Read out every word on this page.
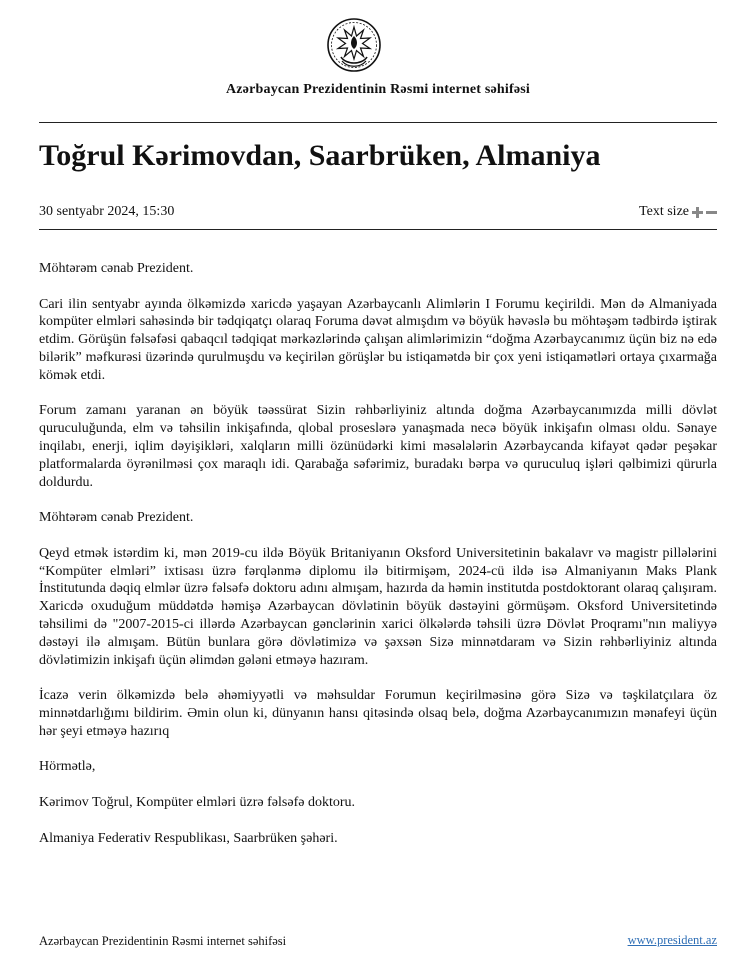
Azərbaycan Prezidentinin Rəsmi internet səhifəsi
Toğrul Kərimovdan, Saarbrüken, Almaniya
30 sentyabr 2024, 15:30	Text size

Möhtərəm cənab Prezident.

Cari ilin sentyabr ayında ölkəmizdə xaricdə yaşayan Azərbaycanlı Alimlərin I Forumu keçirildi. Mən də Almaniyada kompüter elmləri sahəsində bir tədqiqatçı olaraq Foruma dəvət almışdım və böyük həvəslə bu möhtəşəm tədbirdə iştirak etdim. Görüşün fəlsəfəsi qabaqcıl tədqiqat mərkəzlərində çalışan alimlərimizin “doğma Azərbaycanımız üçün biz nə edə bilərik” məfkurəsi üzərində qurulmuşdu və keçirilən görüşlər bu istiqamətdə bir çox yeni istiqamətləri ortaya çıxarmağa kömək etdi.

Forum zamanı yaranan ən böyük təəssürat Sizin rəhbərliyiniz altında doğma Azərbaycanımızda milli dövlət quruculuğunda, elm və təhsilin inkişafında, qlobal proseslərə yanaşmada necə böyük inkişafın olması oldu. Sənaye inqilabı, enerji, iqlim dəyişikləri, xalqların milli özünüdərki kimi məsələlərin Azərbaycanda kifayət qədər peşəkar platformalarda öyrənilməsi çox maraqlı idi. Qarabağa səfərimiz, buradakı bərpa və quruculuq işləri qəlbimizi qürurla doldurdu.

Möhtərəm cənab Prezident.

Qeyd etmək istərdim ki, mən 2019-cu ildə Böyük Britaniyanın Oksford Universitetinin bakalavr və magistr pillələrini “Kompüter elmləri” ixtisası üzrə fərqlənmə diplomu ilə bitirmişəm, 2024-cü ildə isə Almaniyanın Maks Plank İnstitutunda dəqiq elmlər üzrə fəlsəfə doktoru adını almışam, hazırda da həmin institutda postdoktorant olaraq çalışıram. Xaricdə oxuduğum müddətdə həmişə Azərbaycan dövlətinin böyük dəstəyini görmüşəm. Oksford Universitetində təhsilimi də "2007-2015-ci illərdə Azərbaycan gənclərinin xarici ölkələrdə təhsili üzrə Dövlət Proqramı"nın maliyyə dəstəyi ilə almışam. Bütün bunlara görə dövlətimizə və şəxsən Sizə minnətdaram və Sizin rəhbərliyiniz altında dövlətimizin inkişafı üçün əlimdən gələni etməyə hazıram.

İcazə verin ölkəmizdə belə əhəmiyyətli və məhsuldar Forumun keçirilməsinə görə Sizə və təşkilatçılara öz minnətdarlığımı bildirim. Əmin olun ki, dünyanın hansı qitəsində olsaq belə, doğma Azərbaycanımızın mənafeyi üçün hər şeyi etməyə hazırıq

Hörmətlə,

Kərimov Toğrul, Kompüter elmləri üzrə fəlsəfə doktoru.

Almaniya Federativ Respublikası, Saarbrüken şəhəri.

Azərbaycan Prezidentinin Rəsmi internet səhifəsi	www.president.az
